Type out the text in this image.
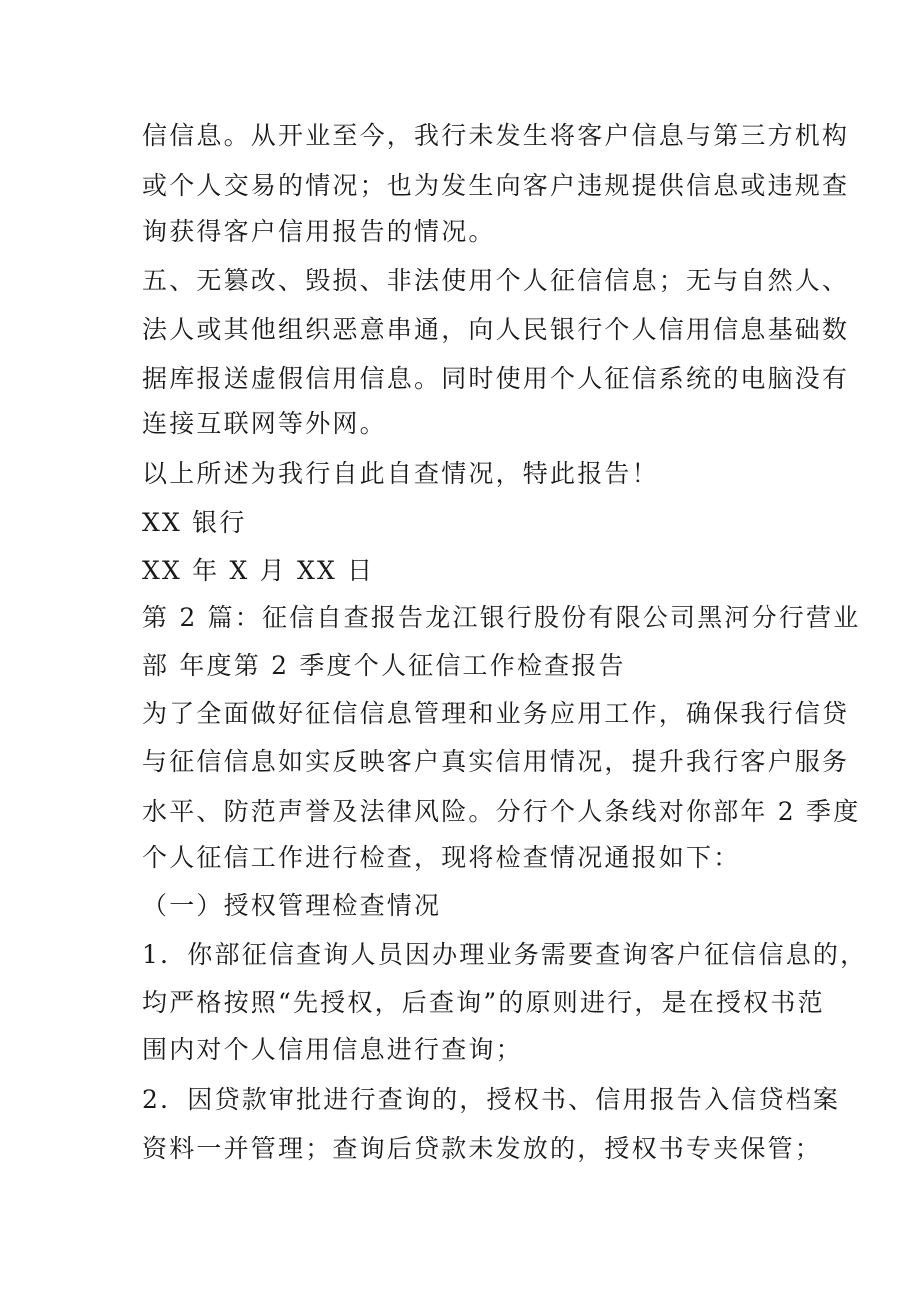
信信息。从开业至今，我行未发生将客户信息与第三方机构
或个人交易的情况；也为发生向客户违规提供信息或违规查
询获得客户信用报告的情况。
五、无篡改、毁损、非法使用个人征信信息；无与自然人、
法人或其他组织恶意串通，向人民银行个人信用信息基础数
据库报送虚假信用信息。同时使用个人征信系统的电脑没有
连接互联网等外网。
以上所述为我行自此自查情况，特此报告！
XX 银行
XX 年 X 月 XX 日
第 2 篇：征信自查报告龙江银行股份有限公司黑河分行营业
部 年度第 2 季度个人征信工作检查报告
为了全面做好征信信息管理和业务应用工作，确保我行信贷
与征信信息如实反映客户真实信用情况，提升我行客户服务
水平、防范声誉及法律风险。分行个人条线对你部年 2 季度
个人征信工作进行检查，现将检查情况通报如下：
（一）授权管理检查情况
1．你部征信查询人员因办理业务需要查询客户征信信息的，
均严格按照“先授权，后查询”的原则进行，是在授权书范
围内对个人信用信息进行查询；
2．因贷款审批进行查询的，授权书、信用报告入信贷档案
资料一并管理；查询后贷款未发放的，授权书专夹保管；
